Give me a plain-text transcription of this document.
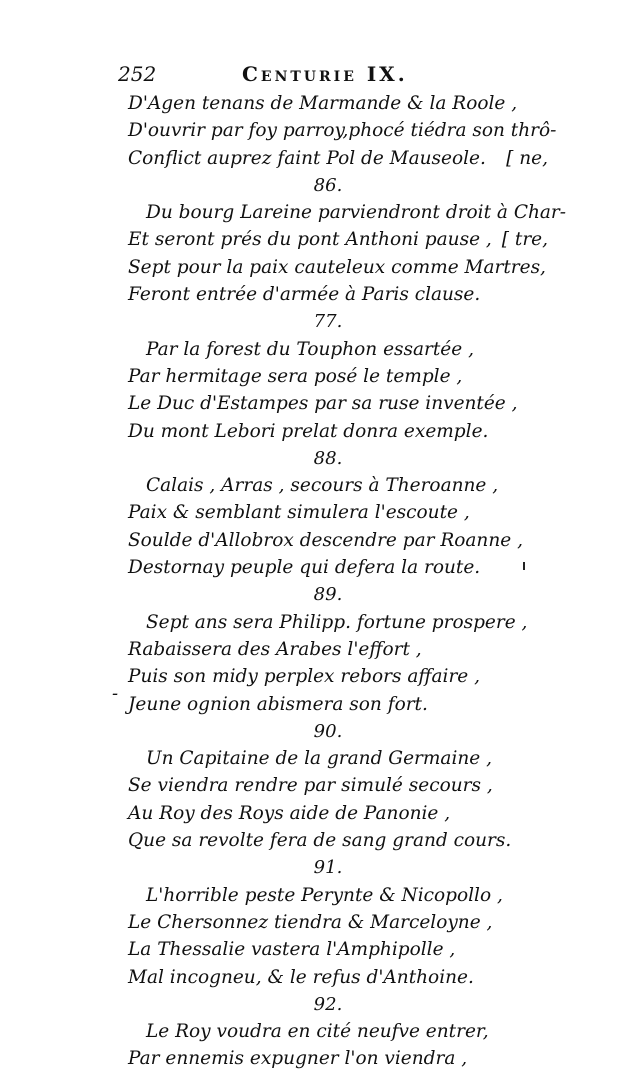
252	Centurie IX.
D'Agen tenans de Marmande & la Roole ,
D'ouvrir par foy parroy,phocé tiédra son thrô-
Conflict auprez faint Pol de Mauseole. [ ne,
86.
Du bourg Lareine parviendront droit à Char-
Et seront prés du pont Anthoni pause , [ tre,
Sept pour la paix cauteleux comme Martres,
Feront entrée d'armée à Paris clause.
77.
Par la forest du Touphon essartée ,
Par hermitage sera posé le temple ,
Le Duc d'Estampes par sa ruse inventée ,
Du mont Lebori prelat donra exemple.
88.
Calais , Arras , secours à Theroanne ,
Paix & semblant simulera l'escoute ,
Soulde d'Allobrox descendre par Roanne ,
Destornay peuple qui defera la route.
89.
Sept ans sera Philipp. fortune prospere ,
Rabaissera des Arabes l'effort ,
Puis son midy perplex rebors affaire ,
Jeune ognion abismera son fort.
90.
Un Capitaine de la grand Germaine ,
Se viendra rendre par simulé secours ,
Au Roy des Roys aide de Panonie ,
Que sa revolte fera de sang grand cours.
91.
L'horrible peste Perynte & Nicopollo ,
Le Chersonnez tiendra & Marceloyne ,
La Thessalie vastera l'Amphipolle ,
Mal incogneu, & le refus d'Anthoine.
92.
Le Roy voudra en cité neufve entrer,
Par ennemis expugner l'on viendra ,
-
